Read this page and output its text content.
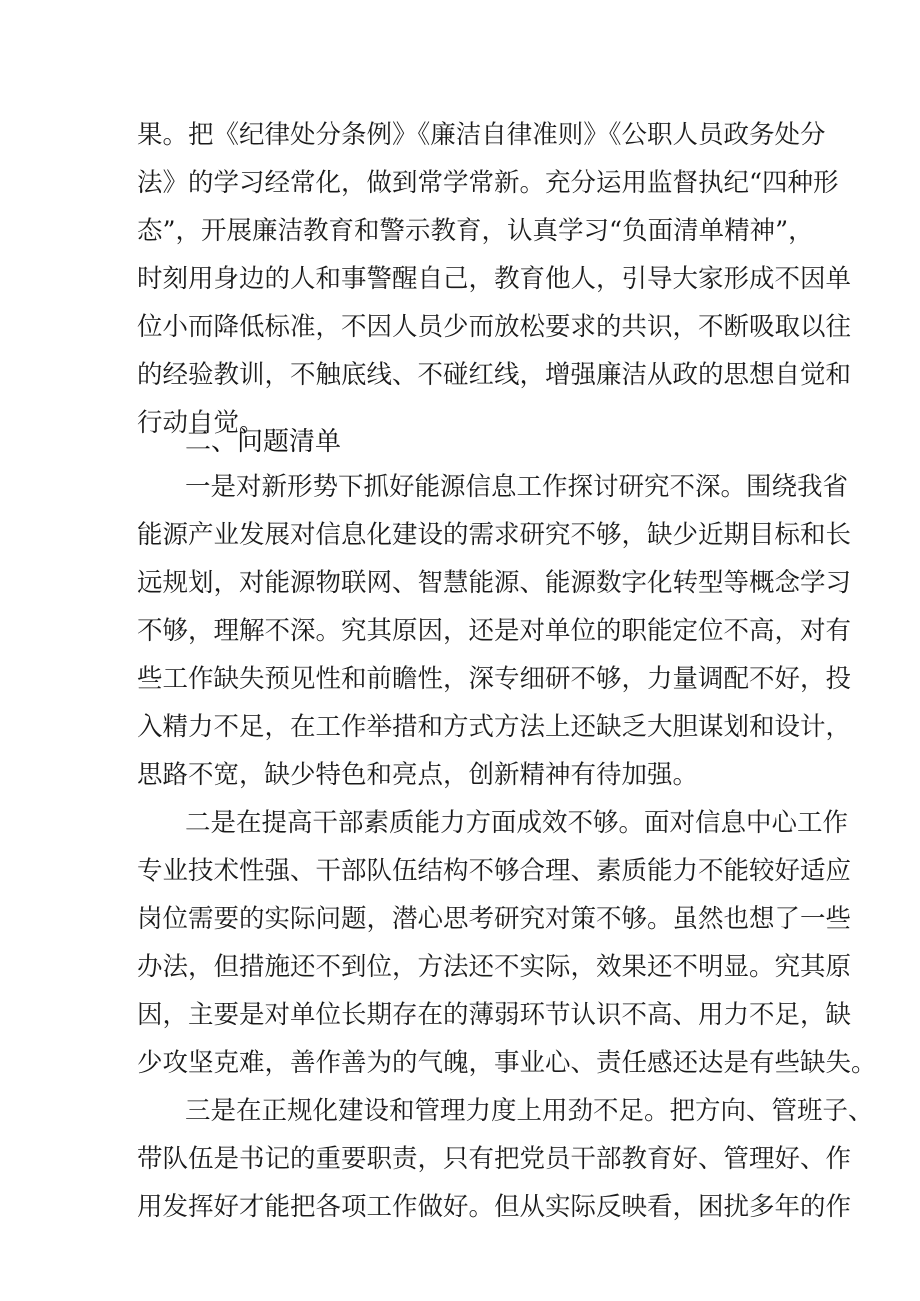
果。把《纪律处分条例》《廉洁自律准则》《公职人员政务处分
法》的学习经常化，做到常学常新。充分运用监督执纪“四种形
态”，开展廉洁教育和警示教育，认真学习“负面清单精神”，
时刻用身边的人和事警醒自己，教育他人，引导大家形成不因单
位小而降低标准，不因人员少而放松要求的共识，不断吸取以往
的经验教训，不触底线、不碰红线，增强廉洁从政的思想自觉和
行动自觉。
二、问题清单
一是对新形势下抓好能源信息工作探讨研究不深。围绕我省
能源产业发展对信息化建设的需求研究不够，缺少近期目标和长
远规划，对能源物联网、智慧能源、能源数字化转型等概念学习
不够，理解不深。究其原因，还是对单位的职能定位不高，对有
些工作缺失预见性和前瞻性，深专细研不够，力量调配不好，投
入精力不足，在工作举措和方式方法上还缺乏大胆谋划和设计，
思路不宽，缺少特色和亮点，创新精神有待加强。
二是在提高干部素质能力方面成效不够。面对信息中心工作
专业技术性强、干部队伍结构不够合理、素质能力不能较好适应
岗位需要的实际问题，潜心思考研究对策不够。虽然也想了一些
办法，但措施还不到位，方法还不实际，效果还不明显。究其原
因，主要是对单位长期存在的薄弱环节认识不高、用力不足，缺
少攻坚克难，善作善为的气魄，事业心、责任感还达是有些缺失。
三是在正规化建设和管理力度上用劲不足。把方向、管班子、
带队伍是书记的重要职责，只有把党员干部教育好、管理好、作
用发挥好才能把各项工作做好。但从实际反映看，困扰多年的作
